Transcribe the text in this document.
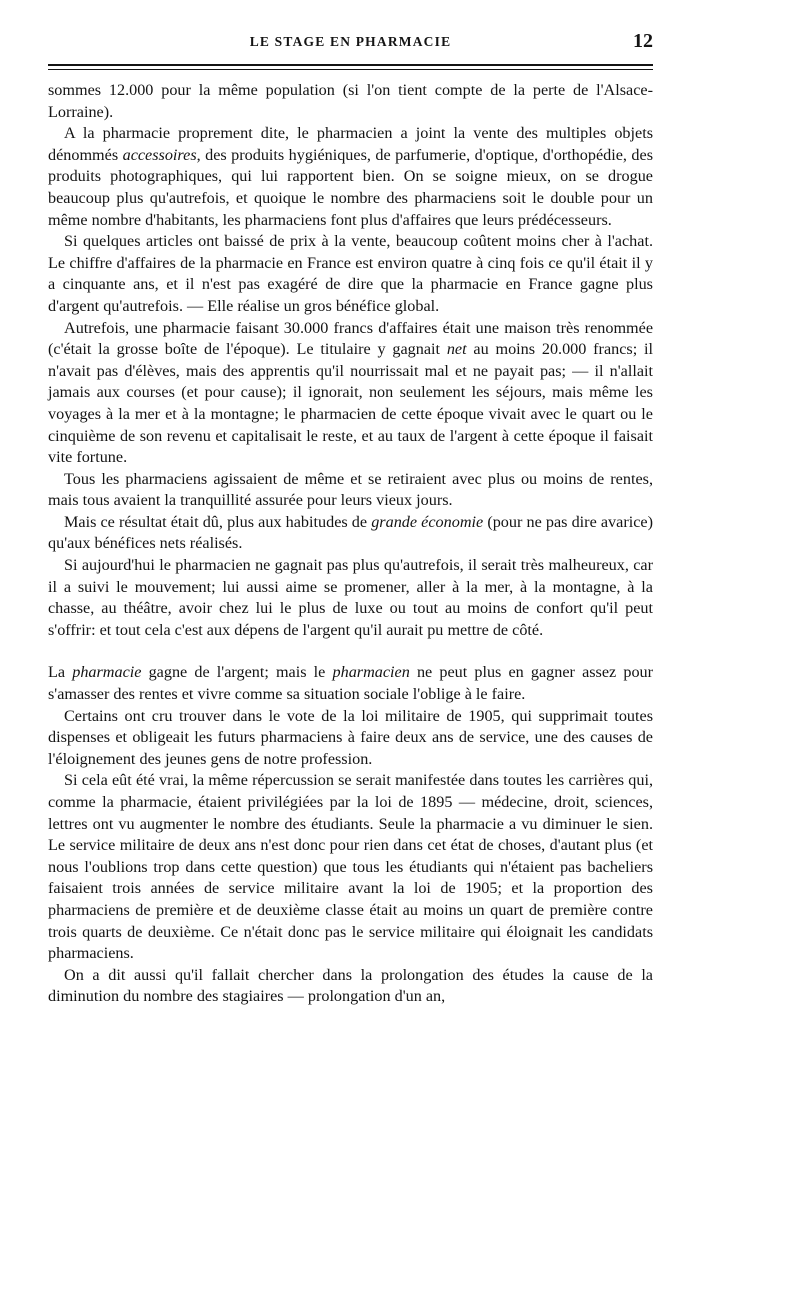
LE STAGE EN PHARMACIE	12

sommes 12.000 pour la même population (si l'on tient compte de la perte de l'Alsace-Lorraine).

A la pharmacie proprement dite, le pharmacien a joint la vente des multiples objets dénommés accessoires, des produits hygiéniques, de parfumerie, d'optique, d'orthopédie, des produits photographiques, qui lui rapportent bien. On se soigne mieux, on se drogue beaucoup plus qu'autrefois, et quoique le nombre des pharmaciens soit le double pour un même nombre d'habitants, les pharmaciens font plus d'affaires que leurs prédécesseurs.

Si quelques articles ont baissé de prix à la vente, beaucoup coûtent moins cher à l'achat. Le chiffre d'affaires de la pharmacie en France est environ quatre à cinq fois ce qu'il était il y a cinquante ans, et il n'est pas exagéré de dire que la pharmacie en France gagne plus d'argent qu'autrefois. — Elle réalise un gros bénéfice global.

Autrefois, une pharmacie faisant 30.000 francs d'affaires était une maison très renommée (c'était la grosse boîte de l'époque). Le titulaire y gagnait net au moins 20.000 francs; il n'avait pas d'élèves, mais des apprentis qu'il nourrissait mal et ne payait pas; — il n'allait jamais aux courses (et pour cause); il ignorait, non seulement les séjours, mais même les voyages à la mer et à la montagne; le pharmacien de cette époque vivait avec le quart ou le cinquième de son revenu et capitalisait le reste, et au taux de l'argent à cette époque il faisait vite fortune.

Tous les pharmaciens agissaient de même et se retiraient avec plus ou moins de rentes, mais tous avaient la tranquillité assurée pour leurs vieux jours.

Mais ce résultat était dû, plus aux habitudes de grande économie (pour ne pas dire avarice) qu'aux bénéfices nets réalisés.

Si aujourd'hui le pharmacien ne gagnait pas plus qu'autrefois, il serait très malheureux, car il a suivi le mouvement; lui aussi aime se promener, aller à la mer, à la montagne, à la chasse, au théâtre, avoir chez lui le plus de luxe ou tout au moins de confort qu'il peut s'offrir: et tout cela c'est aux dépens de l'argent qu'il aurait pu mettre de côté.

La pharmacie gagne de l'argent; mais le pharmacien ne peut plus en gagner assez pour s'amasser des rentes et vivre comme sa situation sociale l'oblige à le faire.

Certains ont cru trouver dans le vote de la loi militaire de 1905, qui supprimait toutes dispenses et obligeait les futurs pharmaciens à faire deux ans de service, une des causes de l'éloignement des jeunes gens de notre profession.

Si cela eût été vrai, la même répercussion se serait manifestée dans toutes les carrières qui, comme la pharmacie, étaient privilégiées par la loi de 1895 — médecine, droit, sciences, lettres ont vu augmenter le nombre des étudiants. Seule la pharmacie a vu diminuer le sien. Le service militaire de deux ans n'est donc pour rien dans cet état de choses, d'autant plus (et nous l'oublions trop dans cette question) que tous les étudiants qui n'étaient pas bacheliers faisaient trois années de service militaire avant la loi de 1905; et la proportion des pharmaciens de première et de deuxième classe était au moins un quart de première contre trois quarts de deuxième. Ce n'était donc pas le service militaire qui éloignait les candidats pharmaciens.

On a dit aussi qu'il fallait chercher dans la prolongation des études la cause de la diminution du nombre des stagiaires — prolongation d'un an,
